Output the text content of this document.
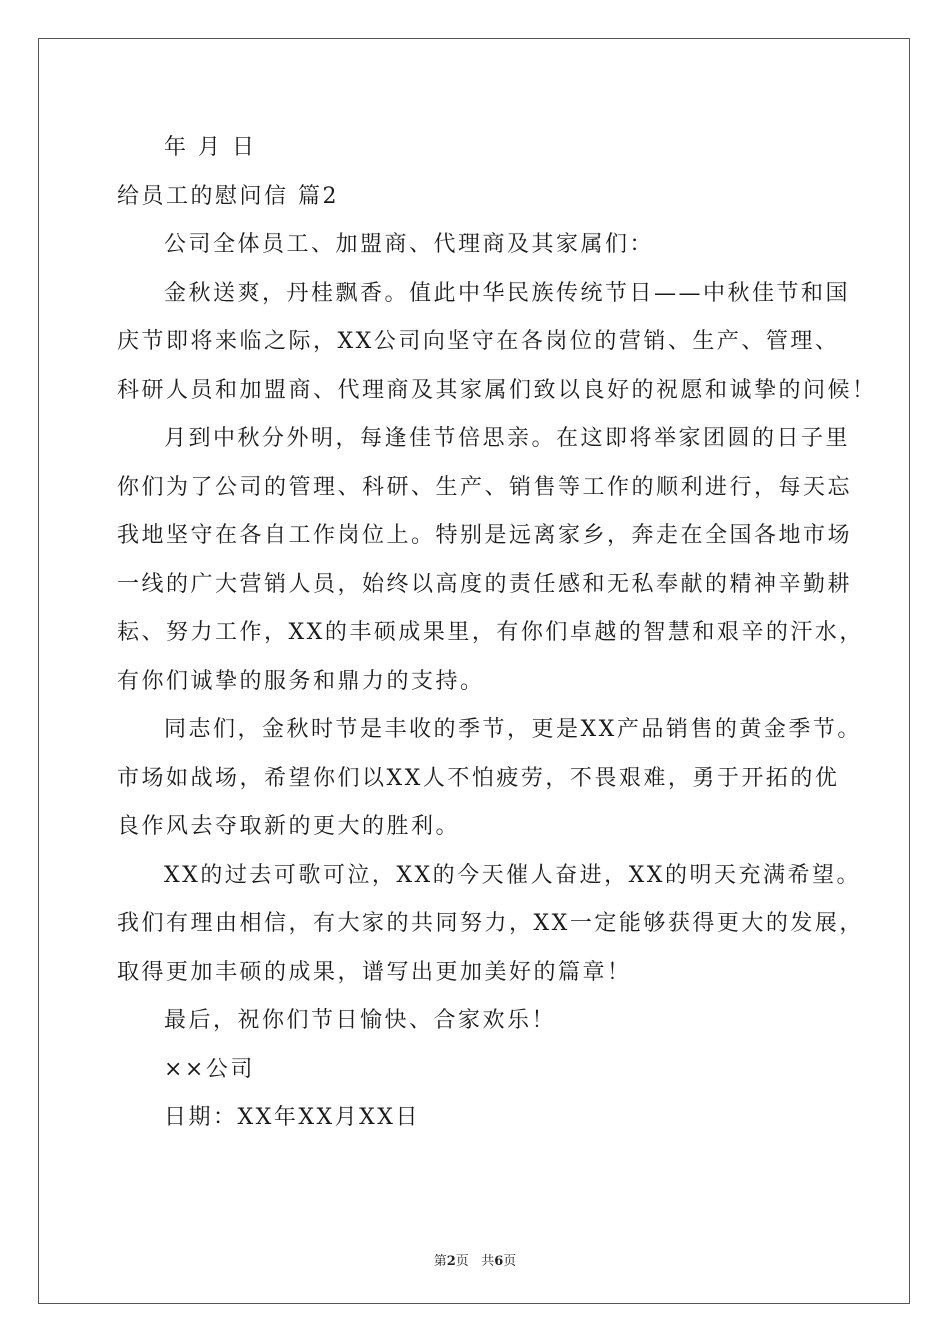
年 月 日
给员工的慰问信 篇2
公司全体员工、加盟商、代理商及其家属们：
金秋送爽，丹桂飘香。值此中华民族传统节日——中秋佳节和国
庆节即将来临之际，XX公司向坚守在各岗位的营销、生产、管理、
科研人员和加盟商、代理商及其家属们致以良好的祝愿和诚挚的问候！
月到中秋分外明，每逢佳节倍思亲。在这即将举家团圆的日子里
你们为了公司的管理、科研、生产、销售等工作的顺利进行，每天忘
我地坚守在各自工作岗位上。特别是远离家乡，奔走在全国各地市场
一线的广大营销人员，始终以高度的责任感和无私奉献的精神辛勤耕
耘、努力工作，XX的丰硕成果里，有你们卓越的智慧和艰辛的汗水，
有你们诚挚的服务和鼎力的支持。
同志们，金秋时节是丰收的季节，更是XX产品销售的黄金季节。
市场如战场，希望你们以XX人不怕疲劳，不畏艰难，勇于开拓的优
良作风去夺取新的更大的胜利。
XX的过去可歌可泣，XX的今天催人奋进，XX的明天充满希望。
我们有理由相信，有大家的共同努力，XX一定能够获得更大的发展，
取得更加丰硕的成果，谱写出更加美好的篇章！
最后，祝你们节日愉快、合家欢乐！
××公司
日期：XX年XX月XX日
第2页   共6页
